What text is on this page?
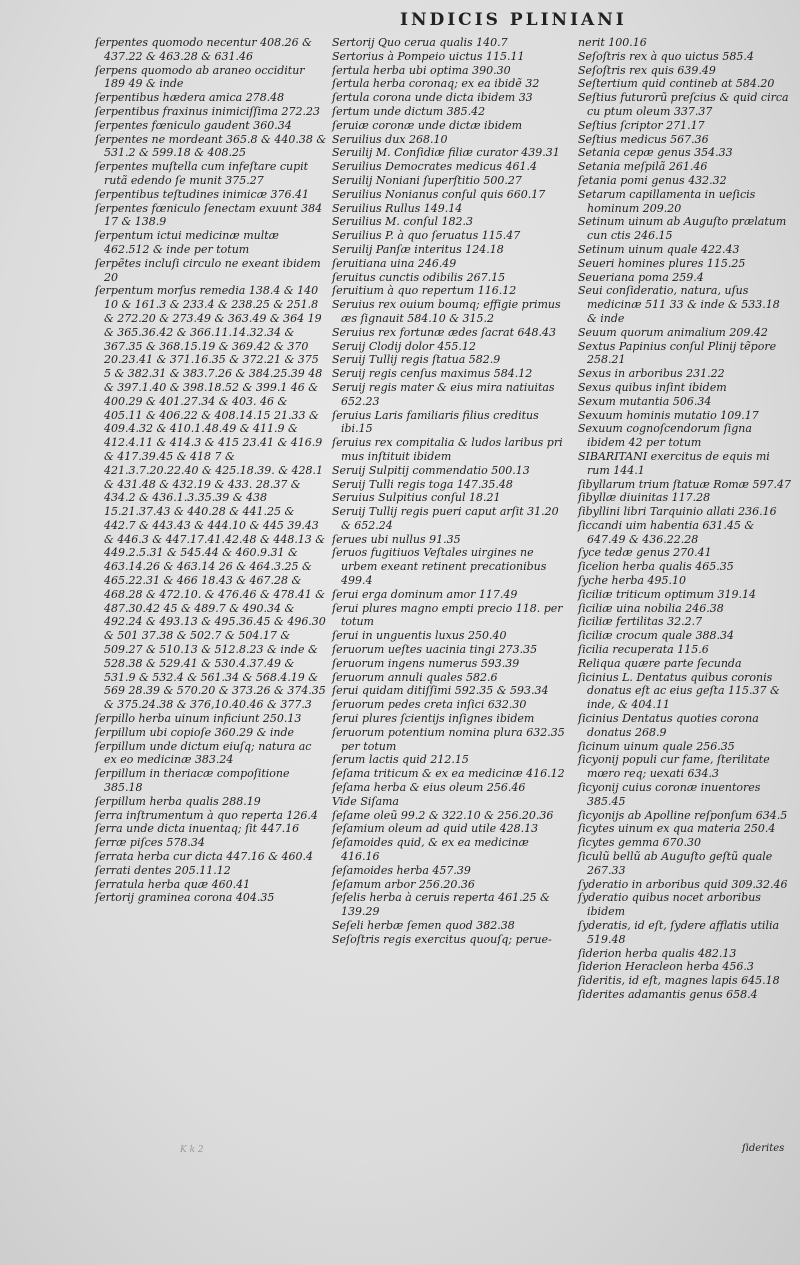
INDICIS PLINIANI

ſerpentes quomodo necentur 408.26 & 437.22 & 463.28 & 631.46

ſerpens quomodo ab araneo occiditur 189 49 & inde

ſerpentibus hædera amica 278.48

ſerpentibus fraxinus inimiciſſima 272.23

ſerpentes fœniculo gaudent 360.34

ſerpentes ne mordeant 365.8 & 440.38 & 531.2 & 599.18 & 408.25

ſerpentes muſtella cum infeſtare cupit rutã edendo ſe munit 375.27

ſerpentibus teſtudines inimicæ 376.41

ſerpentes fœniculo ſenectam exuunt 384 17 & 138.9

ſerpentum ictui medicinæ multæ 462.512 & inde per totum

ſerpẽtes incluſi circulo ne exeant ibidem 20

ſerpentum morſus remedia 138.4 & 140 10 & 161.3 & 233.4 & 238.25 & 251.8 & 272.20 & 273.49 & 363.49 & 364 19 & 365.36.42 & 366.11.14.32.34 & 367.35 & 368.15.19 & 369.42 & 370 20.23.41 & 371.16.35 & 372.21 & 375 5 & 382.31 & 383.7.26 & 384.25.39 48 & 397.1.40 & 398.18.52 & 399.1 46 & 400.29 & 401.27.34 & 403. 46 & 405.11 & 406.22 & 408.14.15 21.33 & 409.4.32 & 410.1.48.49 & 411.9 & 412.4.11 & 414.3 & 415 23.41 & 416.9 & 417.39.45 & 418 7 & 421.3.7.20.22.40 & 425.18.39. & 428.1 & 431.48 & 432.19 & 433. 28.37 & 434.2 & 436.1.3.35.39 & 438 15.21.37.43 & 440.28 & 441.25 & 442.7 & 443.43 & 444.10 & 445 39.43 & 446.3 & 447.17.41.42.48 & 448.13 & 449.2.5.31 & 545.44 & 460.9.31 & 463.14.26 & 463.14 26 & 464.3.25 & 465.22.31 & 466 18.43 & 467.28 & 468.28 & 472.10. & 476.46 & 478.41 & 487.30.42 45 & 489.7 & 490.34 & 492.24 & 493.13 & 495.36.45 & 496.30 & 501 37.38 & 502.7 & 504.17 & 509.27 & 510.13 & 512.8.23 & inde & 528.38 & 529.41 & 530.4.37.49 & 531.9 & 532.4 & 561.34 & 568.4.19 & 569 28.39 & 570.20 & 373.26 & 374.35 & 375.24.38 & 376,10.40.46 & 377.3

ſerpillo herba uinum inficiunt 250.13

ſerpillum ubi copioſe 360.29 & inde

ſerpillum unde dictum eiuſq; natura ac ex eo medicinæ 383.24

ſerpillum in theriacæ compoſitione 385.18

ſerpillum herba qualis 288.19

ſerra inſtrumentum à quo reperta 126.4

ſerra unde dicta inuentaq; ſit 447.16

ſerræ piſces 578.34

ſerrata herba cur dicta 447.16 & 460.4

ſerrati dentes 205.11.12

ſerratula herba quæ 460.41

ſertorij graminea corona 404.35

Sertorij Quo cerua qualis 140.7

Sertorius à Pompeio uictus 115.11

ſertula herba ubi optima 390.30

ſertula herba coronaq; ex ea ibidẽ 32

ſertula corona unde dicta ibidem 33

ſertum unde dictum 385.42

ſeruiæ coronæ unde dictæ ibidem

Seruilius dux 268.10

Seruilij M. Conſidiæ filiæ curator 439.31

Seruilius Democrates medicus 461.4

Seruilij Noniani ſuperſtitio 500.27

Seruilius Nonianus conſul quis 660.17

Seruilius Rullus 149.14

Seruilius M. conſul 182.3

Seruilius P. à quo ſeruatus 115.47

Seruilij Panſæ interitus 124.18

ſeruitiana uina 246.49

ſeruitus cunctis odibilis 267.15

ſeruitium à quo repertum 116.12

Seruius rex ouium boumq; effigie primus æs ſignauit 584.10 & 315.2

Seruius rex fortunæ ædes ſacrat 648.43

Seruij Clodij dolor 455.12

Seruij Tullij regis ſtatua 582.9

Seruij regis cenſus maximus 584.12

Seruij regis mater & eius mira natiuitas 652.23

ſeruius Laris familiaris filius creditus ibi.15

ſeruius rex compitalia & ludos laribus pri mus inſtituit ibidem

Seruij Sulpitij commendatio 500.13

Seruij Tulli regis toga 147.35.48

Seruius Sulpitius conſul 18.21

Seruij Tullij regis pueri caput arſit 31.20 & 652.24

ſerues ubi nullus 91.35

ſeruos fugitiuos Veſtales uirgines ne urbem exeant retinent precationibus 499.4

ſerui erga dominum amor 117.49

ſerui plures magno empti precio 118. per totum

ſerui in unguentis luxus 250.40

ſeruorum ueſtes uacinia tingi 273.35

ſeruorum ingens numerus 593.39

ſeruorum annuli quales 582.6

ſerui quidam ditiſſimi 592.35 & 593.34

ſeruorum pedes creta inſici 632.30

ſerui plures ſcientijs inſignes ibidem

ſeruorum potentium nomina plura 632.35 per totum

ſerum lactis quid 212.15

ſeſama triticum & ex ea medicinæ 416.12

ſeſama herba & eius oleum 256.46

Vide Siſama

ſeſame oleũ 99.2 & 322.10 & 256.20.36

ſeſamium oleum ad quid utile 428.13

ſeſamoides quid, & ex ea medicinæ 416.16

ſeſamoides herba 457.39

ſeſamum arbor 256.20.36

ſeſelis herba à ceruis reperta 461.25 & 139.29

Seſeli herbæ ſemen quod 382.38

Seſoſtris regis exercitus quouſq; perue-

nerit 100.16

Seſoſtris rex à quo uictus 585.4

Seſoſtris rex quis 639.49

Seſtertium quid contineb at 584.20

Seſtius futurorũ preſcius & quid circa cu ptum oleum 337.37

Seſtius ſcriptor 271.17

Seſtius medicus 567.36

Setania cepæ genus 354.33

Setania meſpilã 261.46

ſetania pomi genus 432.32

Setarum capillamenta in ueſicis hominum 209.20

Setinum uinum ab Auguſto prælatum cun ctis 246.15

Setinum uinum quale 422.43

Seueri homines plures 115.25

Seueriana poma 259.4

Seui conſideratio, natura, uſus medicinæ 511 33 & inde & 533.18 & inde

Seuum quorum animalium 209.42

Sextus Papinius conſul Plinij tẽpore 258.21

Sexus in arboribus 231.22

Sexus quibus inſint ibidem

Sexum mutantia 506.34

Sexuum hominis mutatio 109.17

Sexuum cognoſcendorum ſigna ibidem 42 per totum

SIBARITANI exercitus de equis mi rum 144.1

ſibyllarum trium ſtatuæ Romæ 597.47

ſibyllæ diuinitas 117.28

ſibyllini libri Tarquinio allati 236.16

ſiccandi uim habentia 631.45 & 647.49 & 436.22.28

ſyce tedæ genus 270.41

ſicelion herba qualis 465.35

ſyche herba 495.10

ſiciliæ triticum optimum 319.14

ſiciliæ uina nobilia 246.38

ſiciliæ fertilitas 32.2.7

ſiciliæ crocum quale 388.34

ſicilia recuperata 115.6

Reliqua quære parte ſecunda

ſicinius L. Dentatus quibus coronis donatus eſt ac eius geſta 115.37 & inde, & 404.11

ſicinius Dentatus quoties corona donatus 268.9

ſicinum uinum quale 256.35

ſicyonij populi cur fame, ſterilitate mœro req; uexati 634.3

ſicyonij cuius coronæ inuentores 385.45

ſicyonijs ab Apolline reſponſum 634.5

ſicytes uinum ex qua materia 250.4

ſicytes gemma 670.30

ſiculũ bellũ ab Auguſto geſtũ quale 267.33

ſyderatio in arboribus quid 309.32.46

ſyderatio quibus nocet arboribus ibidem

ſyderatis, id eſt, ſydere afflatis utilia 519.48

ſiderion herba qualis 482.13

ſiderion Heracleon herba 456.3

ſideritis, id eſt, magnes lapis 645.18

ſiderites adamantis genus 658.4

K k 2	ſiderites
